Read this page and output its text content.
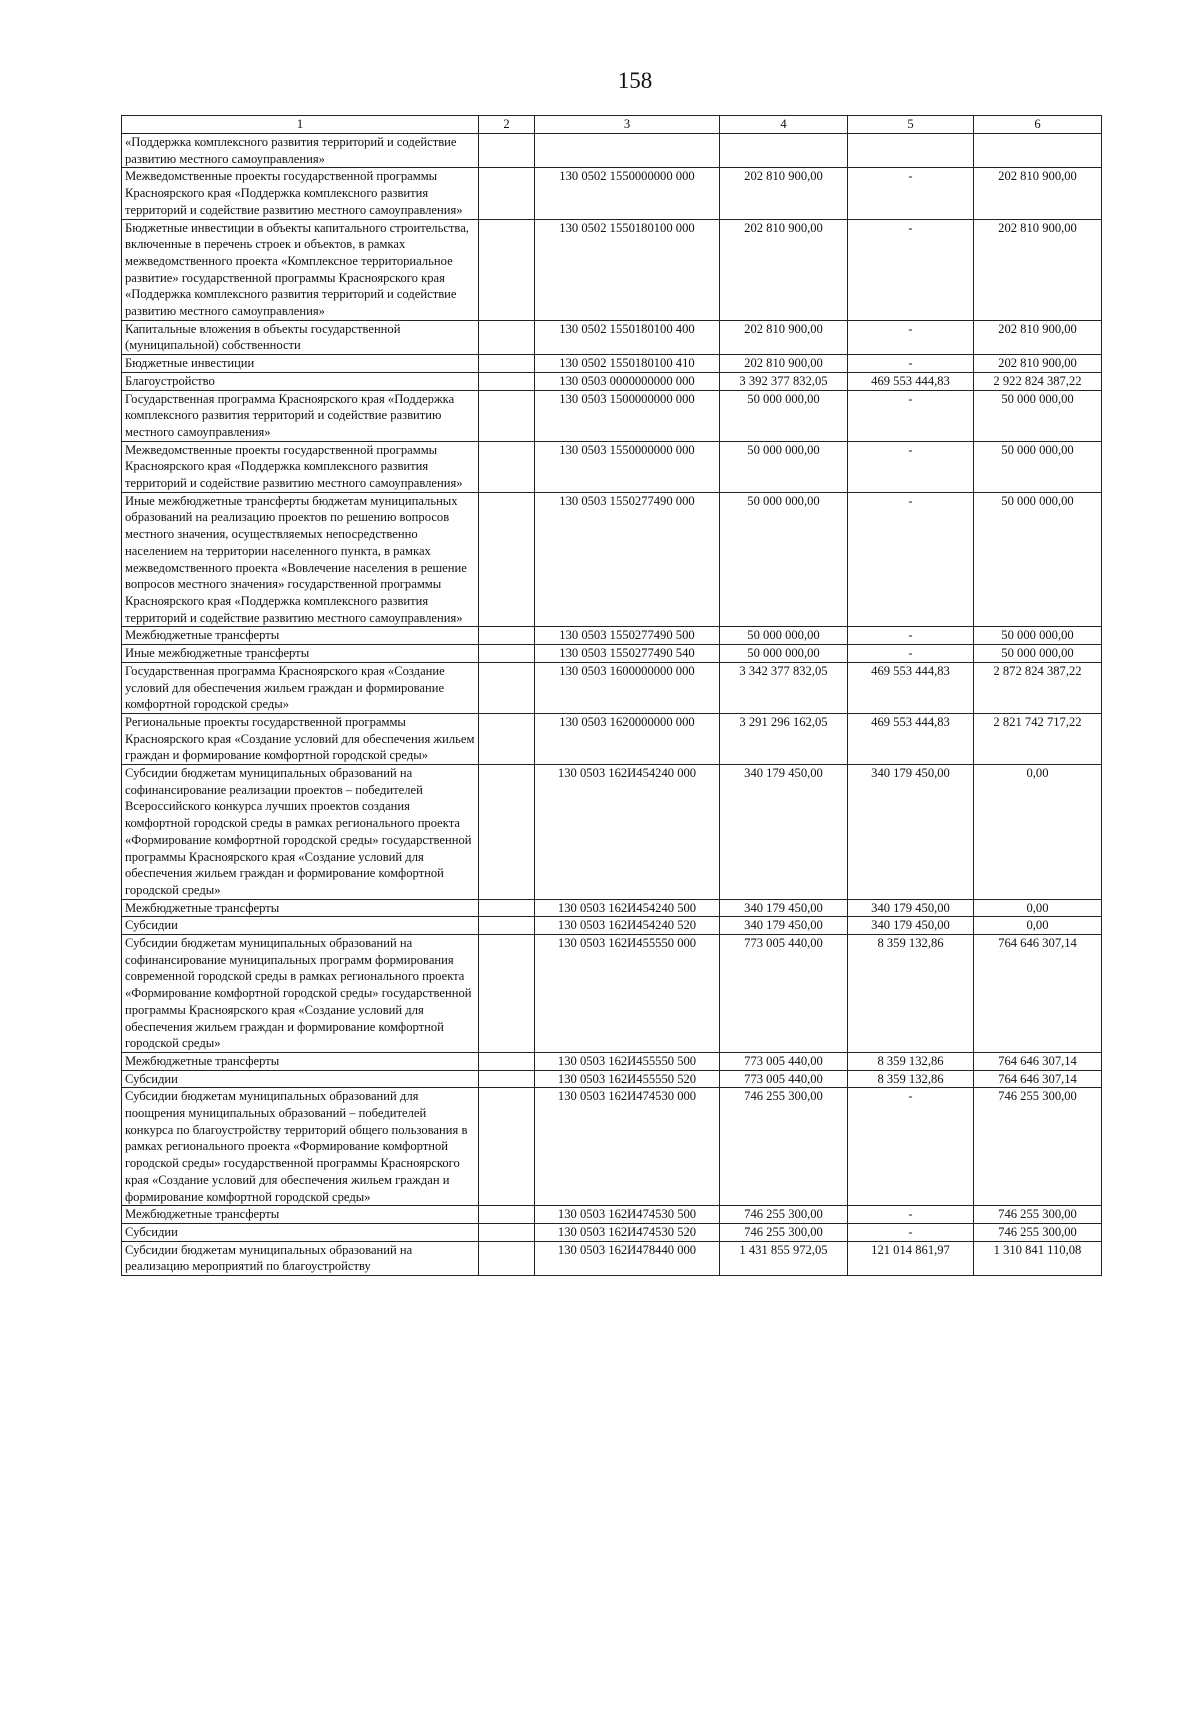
158
1	2	3	4	5	6
«Поддержка комплексного развития территорий и содействие развитию местного самоуправления»					
Межведомственные проекты государственной программы Красноярского края «Поддержка комплексного развития территорий и содействие развитию местного самоуправления»		130 0502 1550000000 000	202 810 900,00	-	202 810 900,00
Бюджетные инвестиции в объекты капитального строительства, включенные в перечень строек и объектов, в рамках межведомственного проекта «Комплексное территориальное развитие» государственной программы Красноярского края «Поддержка комплексного развития территорий и содействие развитию местного самоуправления»		130 0502 1550180100 000	202 810 900,00	-	202 810 900,00
Капитальные вложения в объекты государственной (муниципальной) собственности		130 0502 1550180100 400	202 810 900,00	-	202 810 900,00
Бюджетные инвестиции		130 0502 1550180100 410	202 810 900,00	-	202 810 900,00
Благоустройство		130 0503 0000000000 000	3 392 377 832,05	469 553 444,83	2 922 824 387,22
Государственная программа Красноярского края «Поддержка комплексного развития территорий и содействие развитию местного самоуправления»		130 0503 1500000000 000	50 000 000,00	-	50 000 000,00
Межведомственные проекты государственной программы Красноярского края «Поддержка комплексного развития территорий и содействие развитию местного самоуправления»		130 0503 1550000000 000	50 000 000,00	-	50 000 000,00
Иные межбюджетные трансферты бюджетам муниципальных образований на реализацию проектов по решению вопросов местного значения, осуществляемых непосредственно населением на территории населенного пункта, в рамках межведомственного проекта «Вовлечение населения в решение вопросов местного значения» государственной программы Красноярского края «Поддержка комплексного развития территорий и содействие развитию местного самоуправления»		130 0503 1550277490 000	50 000 000,00	-	50 000 000,00
Межбюджетные трансферты		130 0503 1550277490 500	50 000 000,00	-	50 000 000,00
Иные межбюджетные трансферты		130 0503 1550277490 540	50 000 000,00	-	50 000 000,00
Государственная программа Красноярского края «Создание условий для обеспечения жильем граждан и формирование комфортной городской среды»		130 0503 1600000000 000	3 342 377 832,05	469 553 444,83	2 872 824 387,22
Региональные проекты государственной программы Красноярского края «Создание условий для обеспечения жильем граждан и формирование комфортной городской среды»		130 0503 1620000000 000	3 291 296 162,05	469 553 444,83	2 821 742 717,22
Субсидии бюджетам муниципальных образований на софинансирование реализации проектов – победителей Всероссийского конкурса лучших проектов создания комфортной городской среды в рамках регионального проекта «Формирование комфортной городской среды» государственной программы Красноярского края «Создание условий для обеспечения жильем граждан и формирование комфортной городской среды»		130 0503 162И454240 000	340 179 450,00	340 179 450,00	0,00
Межбюджетные трансферты		130 0503 162И454240 500	340 179 450,00	340 179 450,00	0,00
Субсидии		130 0503 162И454240 520	340 179 450,00	340 179 450,00	0,00
Субсидии бюджетам муниципальных образований на софинансирование муниципальных программ формирования современной городской среды в рамках регионального проекта «Формирование комфортной городской среды» государственной программы Красноярского края «Создание условий для обеспечения жильем граждан и формирование комфортной городской среды»		130 0503 162И455550 000	773 005 440,00	8 359 132,86	764 646 307,14
Межбюджетные трансферты		130 0503 162И455550 500	773 005 440,00	8 359 132,86	764 646 307,14
Субсидии		130 0503 162И455550 520	773 005 440,00	8 359 132,86	764 646 307,14
Субсидии бюджетам муниципальных образований для поощрения муниципальных образований – победителей конкурса по благоустройству территорий общего пользования в рамках регионального проекта «Формирование комфортной городской среды» государственной программы Красноярского края «Создание условий для обеспечения жильем граждан и формирование комфортной городской среды»		130 0503 162И474530 000	746 255 300,00	-	746 255 300,00
Межбюджетные трансферты		130 0503 162И474530 500	746 255 300,00	-	746 255 300,00
Субсидии		130 0503 162И474530 520	746 255 300,00	-	746 255 300,00
Субсидии бюджетам муниципальных образований на реализацию мероприятий по благоустройству		130 0503 162И478440 000	1 431 855 972,05	121 014 861,97	1 310 841 110,08
